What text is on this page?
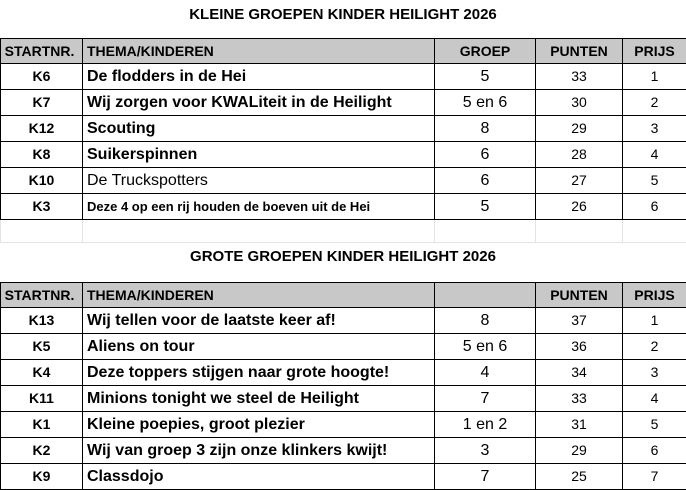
KLEINE GROEPEN KINDER HEILIGHT 2026
STARTNR.	THEMA/KINDEREN	GROEP	PUNTEN	PRIJS
K6	De flodders in de Hei	5	33	1
K7	Wij zorgen voor KWALiteit in de Heilight	5 en 6	30	2
K12	Scouting	8	29	3
K8	Suikerspinnen	6	28	4
K10	De Truckspotters	6	27	5
K3	Deze 4 op een rij houden de boeven uit de Hei	5	26	6

GROTE GROEPEN KINDER HEILIGHT 2026
STARTNR.	THEMA/KINDEREN		PUNTEN	PRIJS
K13	Wij tellen voor de laatste keer af!	8	37	1
K5	Aliens on tour	5 en 6	36	2
K4	Deze toppers stijgen naar grote hoogte!	4	34	3
K11	Minions tonight we steel de Heilight	7	33	4
K1	Kleine poepies, groot plezier	1 en 2	31	5
K2	Wij van groep 3 zijn onze klinkers kwijt!	3	29	6
K9	Classdojo	7	25	7
